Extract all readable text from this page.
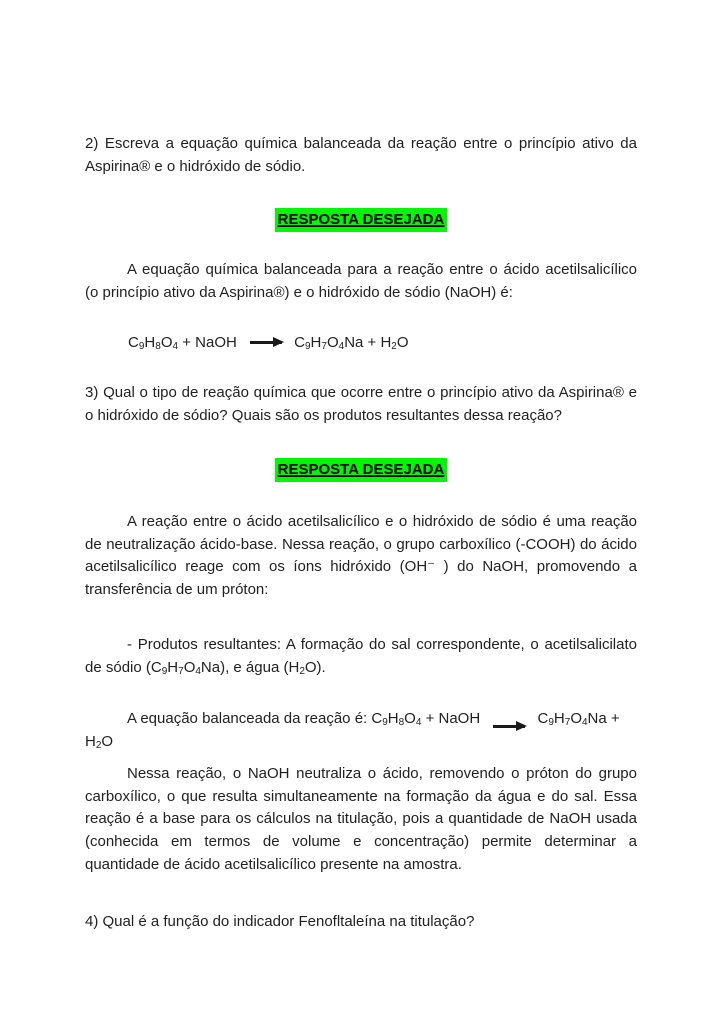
2) Escreva a equação química balanceada da reação entre o princípio ativo da Aspirina® e o hidróxido de sódio.

RESPOSTA DESEJADA

A equação química balanceada para a reação entre o ácido acetilsalicílico (o princípio ativo da Aspirina®) e o hidróxido de sódio (NaOH) é:

$C_9H_8O_4$ + NaOH → $C_9H_7O_4Na + H_2O$

3) Qual o tipo de reação química que ocorre entre o princípio ativo da Aspirina® e o hidróxido de sódio? Quais são os produtos resultantes dessa reação?

RESPOSTA DESEJADA

A reação entre o ácido acetilsalicílico e o hidróxido de sódio é uma reação de neutralização ácido-base. Nessa reação, o grupo carboxílico (-COOH) do ácido acetilsalicílico reage com os íons hidróxido (OH⁻ ) do NaOH, promovendo a transferência de um próton:

- Produtos resultantes: A formação do sal correspondente, o acetilsalicilato de sódio $(C_9H_7O_4Na)$, e água $(H_2O)$.

A equação balanceada da reação é: $C_9H_8O_4$ + NaOH → $C_9H_7O_4Na + H_2O$

Nessa reação, o NaOH neutraliza o ácido, removendo o próton do grupo carboxílico, o que resulta simultaneamente na formação da água e do sal. Essa reação é a base para os cálculos na titulação, pois a quantidade de NaOH usada (conhecida em termos de volume e concentração) permite determinar a quantidade de ácido acetilsalicílico presente na amostra.

4) Qual é a função do indicador Fenofltaleína na titulação?
